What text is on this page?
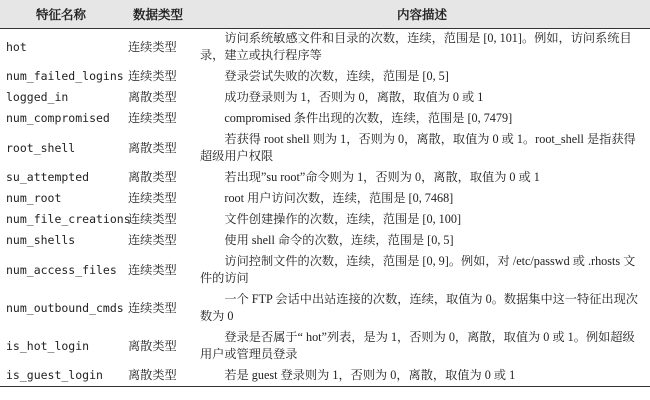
特征名称	数据类型	内容描述
hot	连续类型	访问系统敏感文件和目录的次数，连续，范围是 [0, 101]。例如，访问系统目录，建立或执行程序等
num_failed_logins	连续类型	登录尝试失败的次数，连续，范围是 [0, 5]
logged_in	离散类型	成功登录则为 1，否则为 0，离散，取值为 0 或 1
num_compromised	连续类型	compromised 条件出现的次数，连续，范围是 [0, 7479]
root_shell	离散类型	若获得 root shell 则为 1，否则为 0，离散，取值为 0 或 1。root_shell 是指获得超级用户权限
su_attempted	离散类型	若出现”su root”命令则为 1，否则为 0，离散，取值为 0 或 1
num_root	连续类型	root 用户访问次数，连续，范围是 [0, 7468]
num_file_creations	连续类型	文件创建操作的次数，连续，范围是 [0, 100]
num_shells	连续类型	使用 shell 命令的次数，连续，范围是 [0, 5]
num_access_files	连续类型	访问控制文件的次数，连续，范围是 [0, 9]。例如，对 /etc/passwd 或 .rhosts 文件的访问
num_outbound_cmds	连续类型	一个 FTP 会话中出站连接的次数，连续，取值为 0。数据集中这一特征出现次数为 0
is_hot_login	离散类型	登录是否属于“ hot”列表，是为 1，否则为 0，离散，取值为 0 或 1。例如超级用户或管理员登录
is_guest_login	离散类型	若是 guest 登录则为 1，否则为 0，离散，取值为 0 或 1
